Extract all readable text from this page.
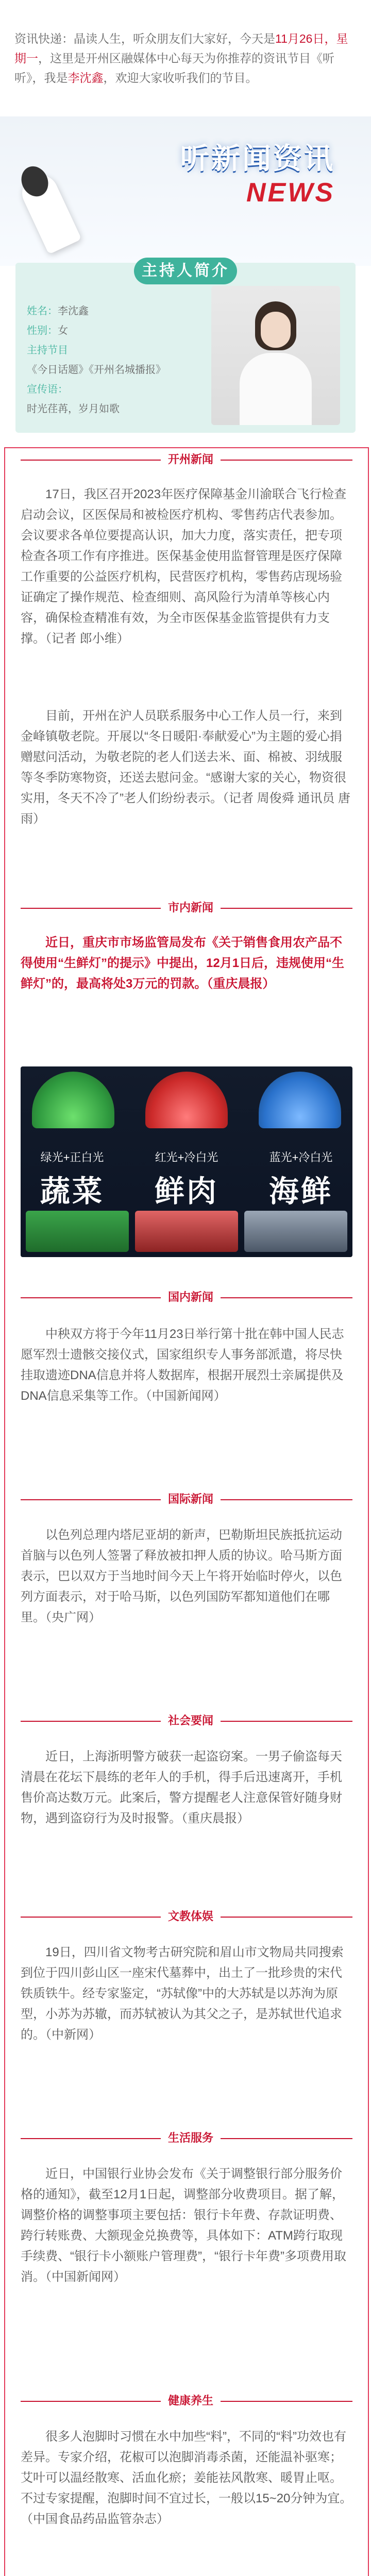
资讯快递：晶读人生，听众朋友们大家好，今天是11月26日，星期一，这里是开州区融媒体中心每天为你推荐的资讯节目《听听》，我是李沈鑫，欢迎大家收听我们的节目。
听新闻资讯
NEWS
主持人简介
姓名：李沈鑫
性别：女
主持节目
《今日话题》《开州名城播报》
宣传语：
时光荏苒，岁月如歌
开州新闻
17日，我区召开2023年医疗保障基金川渝联合飞行检查启动会议，区医保局和被检医疗机构、零售药店代表参加。会议要求各单位要提高认识，加大力度，落实责任，把专项检查各项工作有序推进。医保基金使用监督管理是医疗保障工作重要的公益医疗机构，民营医疗机构，零售药店现场验证确定了操作规范、检查细则、高风险行为清单等核心内容，确保检查精准有效，为全市医保基金监管提供有力支撑。（记者 郎小维）
目前，开州在沪人员联系服务中心工作人员一行，来到金峰镇敬老院。开展以“冬日暖阳·奉献爱心”为主题的爱心捐赠慰问活动，为敬老院的老人们送去米、面、棉被、羽绒服等冬季防寒物资，还送去慰问金。“感谢大家的关心，物资很实用，冬天不冷了”老人们纷纷表示。（记者 周俊舜 通讯员 唐雨）
市内新闻
近日，重庆市市场监管局发布《关于销售食用农产品不得使用“生鲜灯”的提示》中提出，12月1日后，违规使用“生鲜灯”的，最高将处3万元的罚款。（重庆晨报）
绿光+正白光	红光+冷白光	蓝光+冷白光
蔬菜	鲜肉	海鲜
国内新闻
中秧双方将于今年11月23日举行第十批在韩中国人民志愿军烈士遗骸交接仪式，国家组织专人事务部派遣，将尽快挂取遗迹DNA信息并将人数据库，根据开展烈士亲属提供及DNA信息采集等工作。（中国新闻网）
国际新闻
以色列总理内塔尼亚胡的新声，巴勒斯坦民族抵抗运动首脑与以色列人签署了释放被扣押人质的协议。哈马斯方面表示，巴以双方于当地时间今天上午将开始临时停火，以色列方面表示，对于哈马斯，以色列国防军都知道他们在哪里。（央广网）
社会要闻
近日，上海浙明警方破获一起盗窃案。一男子偷盗每天清晨在花坛下晨练的老年人的手机，得手后迅速离开，手机售价高达数万元。此案后，警方提醒老人注意保管好随身财物，遇到盗窃行为及时报警。（重庆晨报）
文教体娱
19日，四川省文物考古研究院和眉山市文物局共同搜索到位于四川彭山区一座宋代墓葬中，出土了一批珍贵的宋代铁质铁牛。经专家鉴定，“苏轼像”中的大苏轼是以苏洵为原型，小苏为苏辙，而苏轼被认为其父之子，是苏轼世代追求的。（中新网）
生活服务
近日，中国银行业协会发布《关于调整银行部分服务价格的通知》，截至12月1日起，调整部分收费项目。据了解，调整价格的调整事项主要包括：银行卡年费、存款证明费、跨行转账费、大额现金兑换费等，具体如下：ATM跨行取现手续费、“银行卡小额账户管理费”，“银行卡年费”多项费用取消。（中国新闻网）
健康养生
很多人泡脚时习惯在水中加些“料”，不同的“料”功效也有差异。专家介绍，花椒可以泡脚消毒杀菌，还能温补驱寒；艾叶可以温经散寒、活血化瘀；姜能祛风散寒、暖胃止呕。不过专家提醒，泡脚时间不宜过长，一般以15~20分钟为宜。（中国食品药品监管杂志）
